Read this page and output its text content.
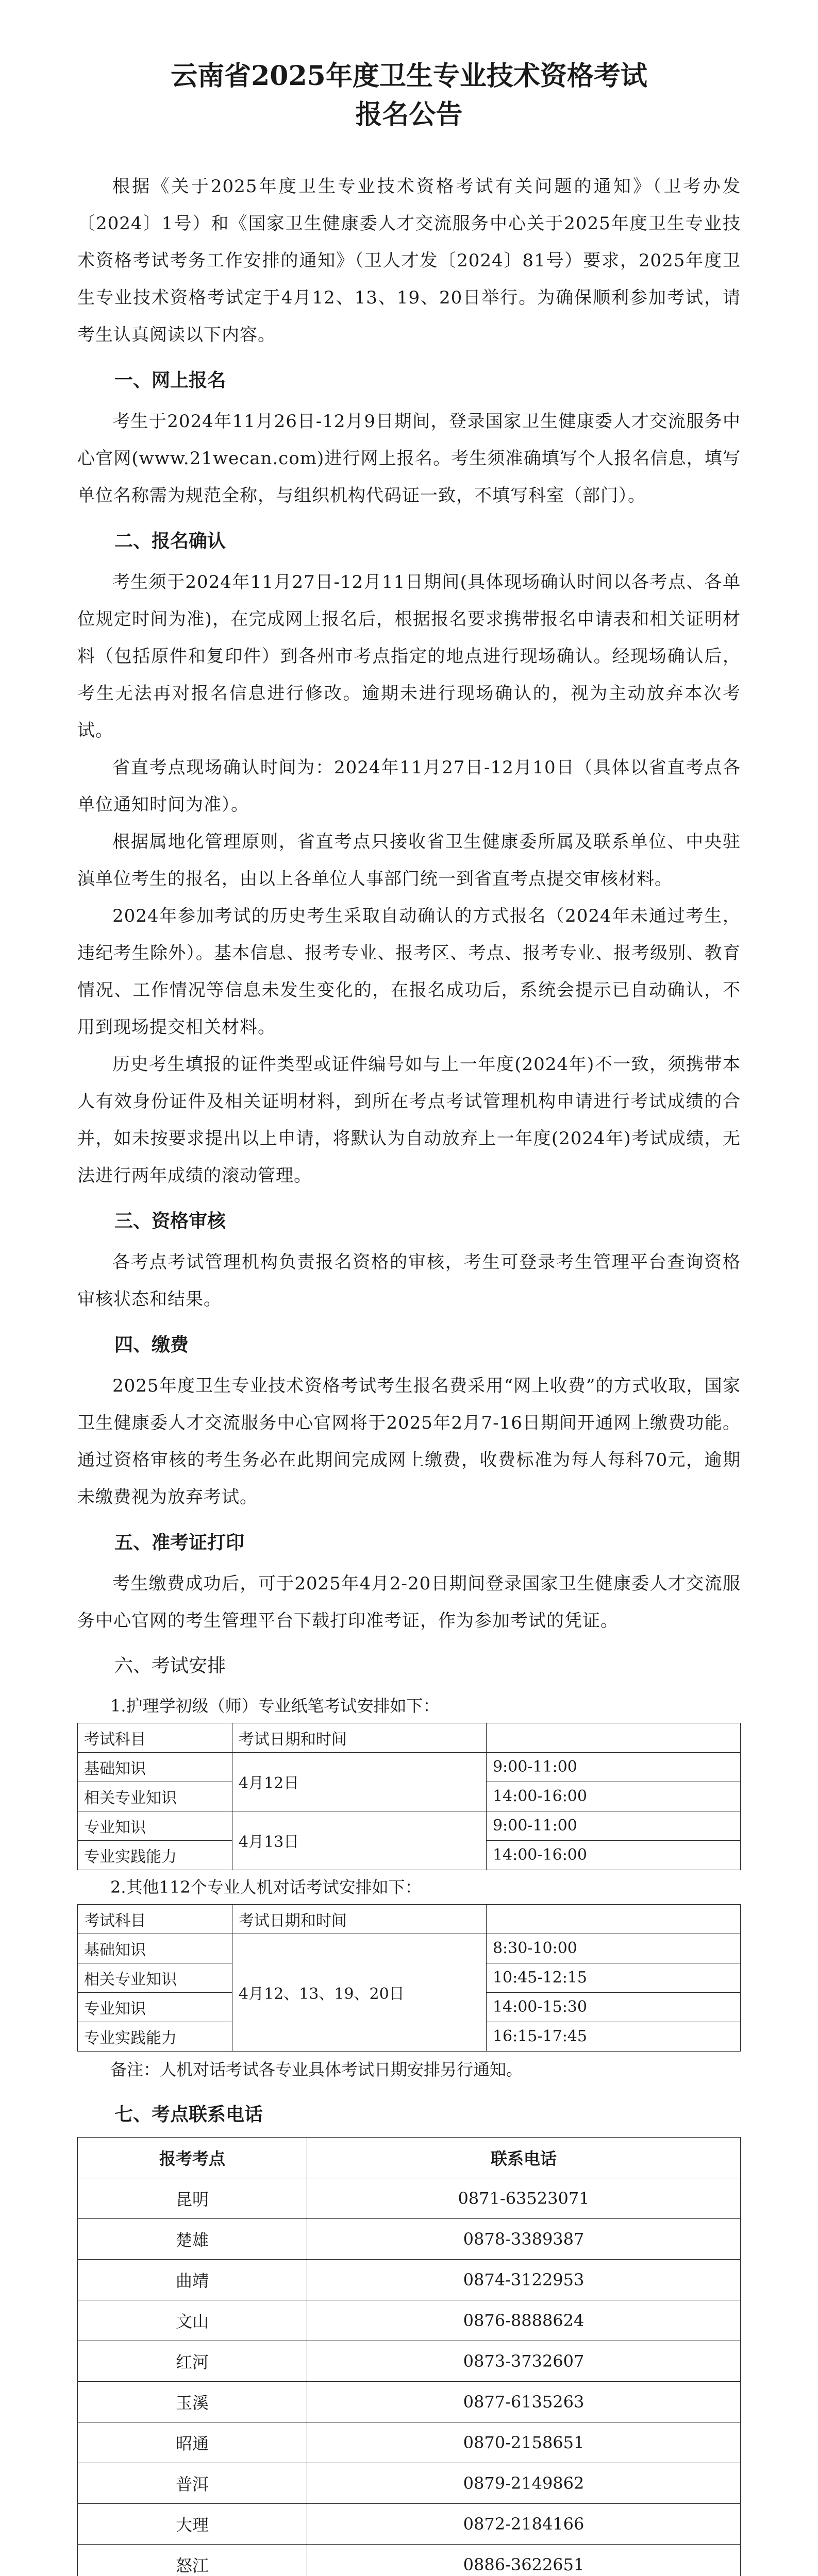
云南省2025年度卫生专业技术资格考试
报名公告

根据《关于2025年度卫生专业技术资格考试有关问题的通知》（卫考办发〔2024〕1号）和《国家卫生健康委人才交流服务中心关于2025年度卫生专业技术资格考试考务工作安排的通知》（卫人才发〔2024〕81号）要求，2025年度卫生专业技术资格考试定于4月12、13、19、20日举行。为确保顺利参加考试，请考生认真阅读以下内容。

一、网上报名

考生于2024年11月26日-12月9日期间，登录国家卫生健康委人才交流服务中心官网(www.21wecan.com)进行网上报名。考生须准确填写个人报名信息，填写单位名称需为规范全称，与组织机构代码证一致，不填写科室（部门）。

二、报名确认

考生须于2024年11月27日-12月11日期间(具体现场确认时间以各考点、各单位规定时间为准)，在完成网上报名后，根据报名要求携带报名申请表和相关证明材料（包括原件和复印件）到各州市考点指定的地点进行现场确认。经现场确认后，考生无法再对报名信息进行修改。逾期未进行现场确认的，视为主动放弃本次考试。

省直考点现场确认时间为：2024年11月27日-12月10日（具体以省直考点各单位通知时间为准）。

根据属地化管理原则，省直考点只接收省卫生健康委所属及联系单位、中央驻滇单位考生的报名，由以上各单位人事部门统一到省直考点提交审核材料。

2024年参加考试的历史考生采取自动确认的方式报名（2024年未通过考生，违纪考生除外）。基本信息、报考专业、报考区、考点、报考专业、报考级别、教育情况、工作情况等信息未发生变化的，在报名成功后，系统会提示已自动确认，不用到现场提交相关材料。

历史考生填报的证件类型或证件编号如与上一年度(2024年)不一致，须携带本人有效身份证件及相关证明材料，到所在考点考试管理机构申请进行考试成绩的合并，如未按要求提出以上申请，将默认为自动放弃上一年度(2024年)考试成绩，无法进行两年成绩的滚动管理。

三、资格审核

各考点考试管理机构负责报名资格的审核，考生可登录考生管理平台查询资格审核状态和结果。

四、缴费

2025年度卫生专业技术资格考试考生报名费采用“网上收费”的方式收取，国家卫生健康委人才交流服务中心官网将于2025年2月7-16日期间开通网上缴费功能。通过资格审核的考生务必在此期间完成网上缴费，收费标准为每人每科70元，逾期未缴费视为放弃考试。

五、准考证打印

考生缴费成功后，可于2025年4月2-20日期间登录国家卫生健康委人才交流服务中心官网的考生管理平台下载打印准考证，作为参加考试的凭证。

六、考试安排

1.护理学初级（师）专业纸笔考试安排如下：

考试科目	考试日期和时间	
基础知识	4月12日	9:00-11:00
相关专业知识		14:00-16:00
专业知识	4月13日	9:00-11:00
专业实践能力		14:00-16:00

2.其他112个专业人机对话考试安排如下：

考试科目	考试日期和时间	
基础知识	4月12、13、19、20日	8:30-10:00
相关专业知识		10:45-12:15
专业知识		14:00-15:30
专业实践能力		16:15-17:45

备注：人机对话考试各专业具体考试日期安排另行通知。

七、考点联系电话
报考考点	联系电话
昆明	0871-63523071
楚雄	0878-3389387
曲靖	0874-3122953
文山	0876-8888624
红河	0873-3732607
玉溪	0877-6135263
昭通	0870-2158651
普洱	0879-2149862
大理	0872-2184166
怒江	0886-3622651
